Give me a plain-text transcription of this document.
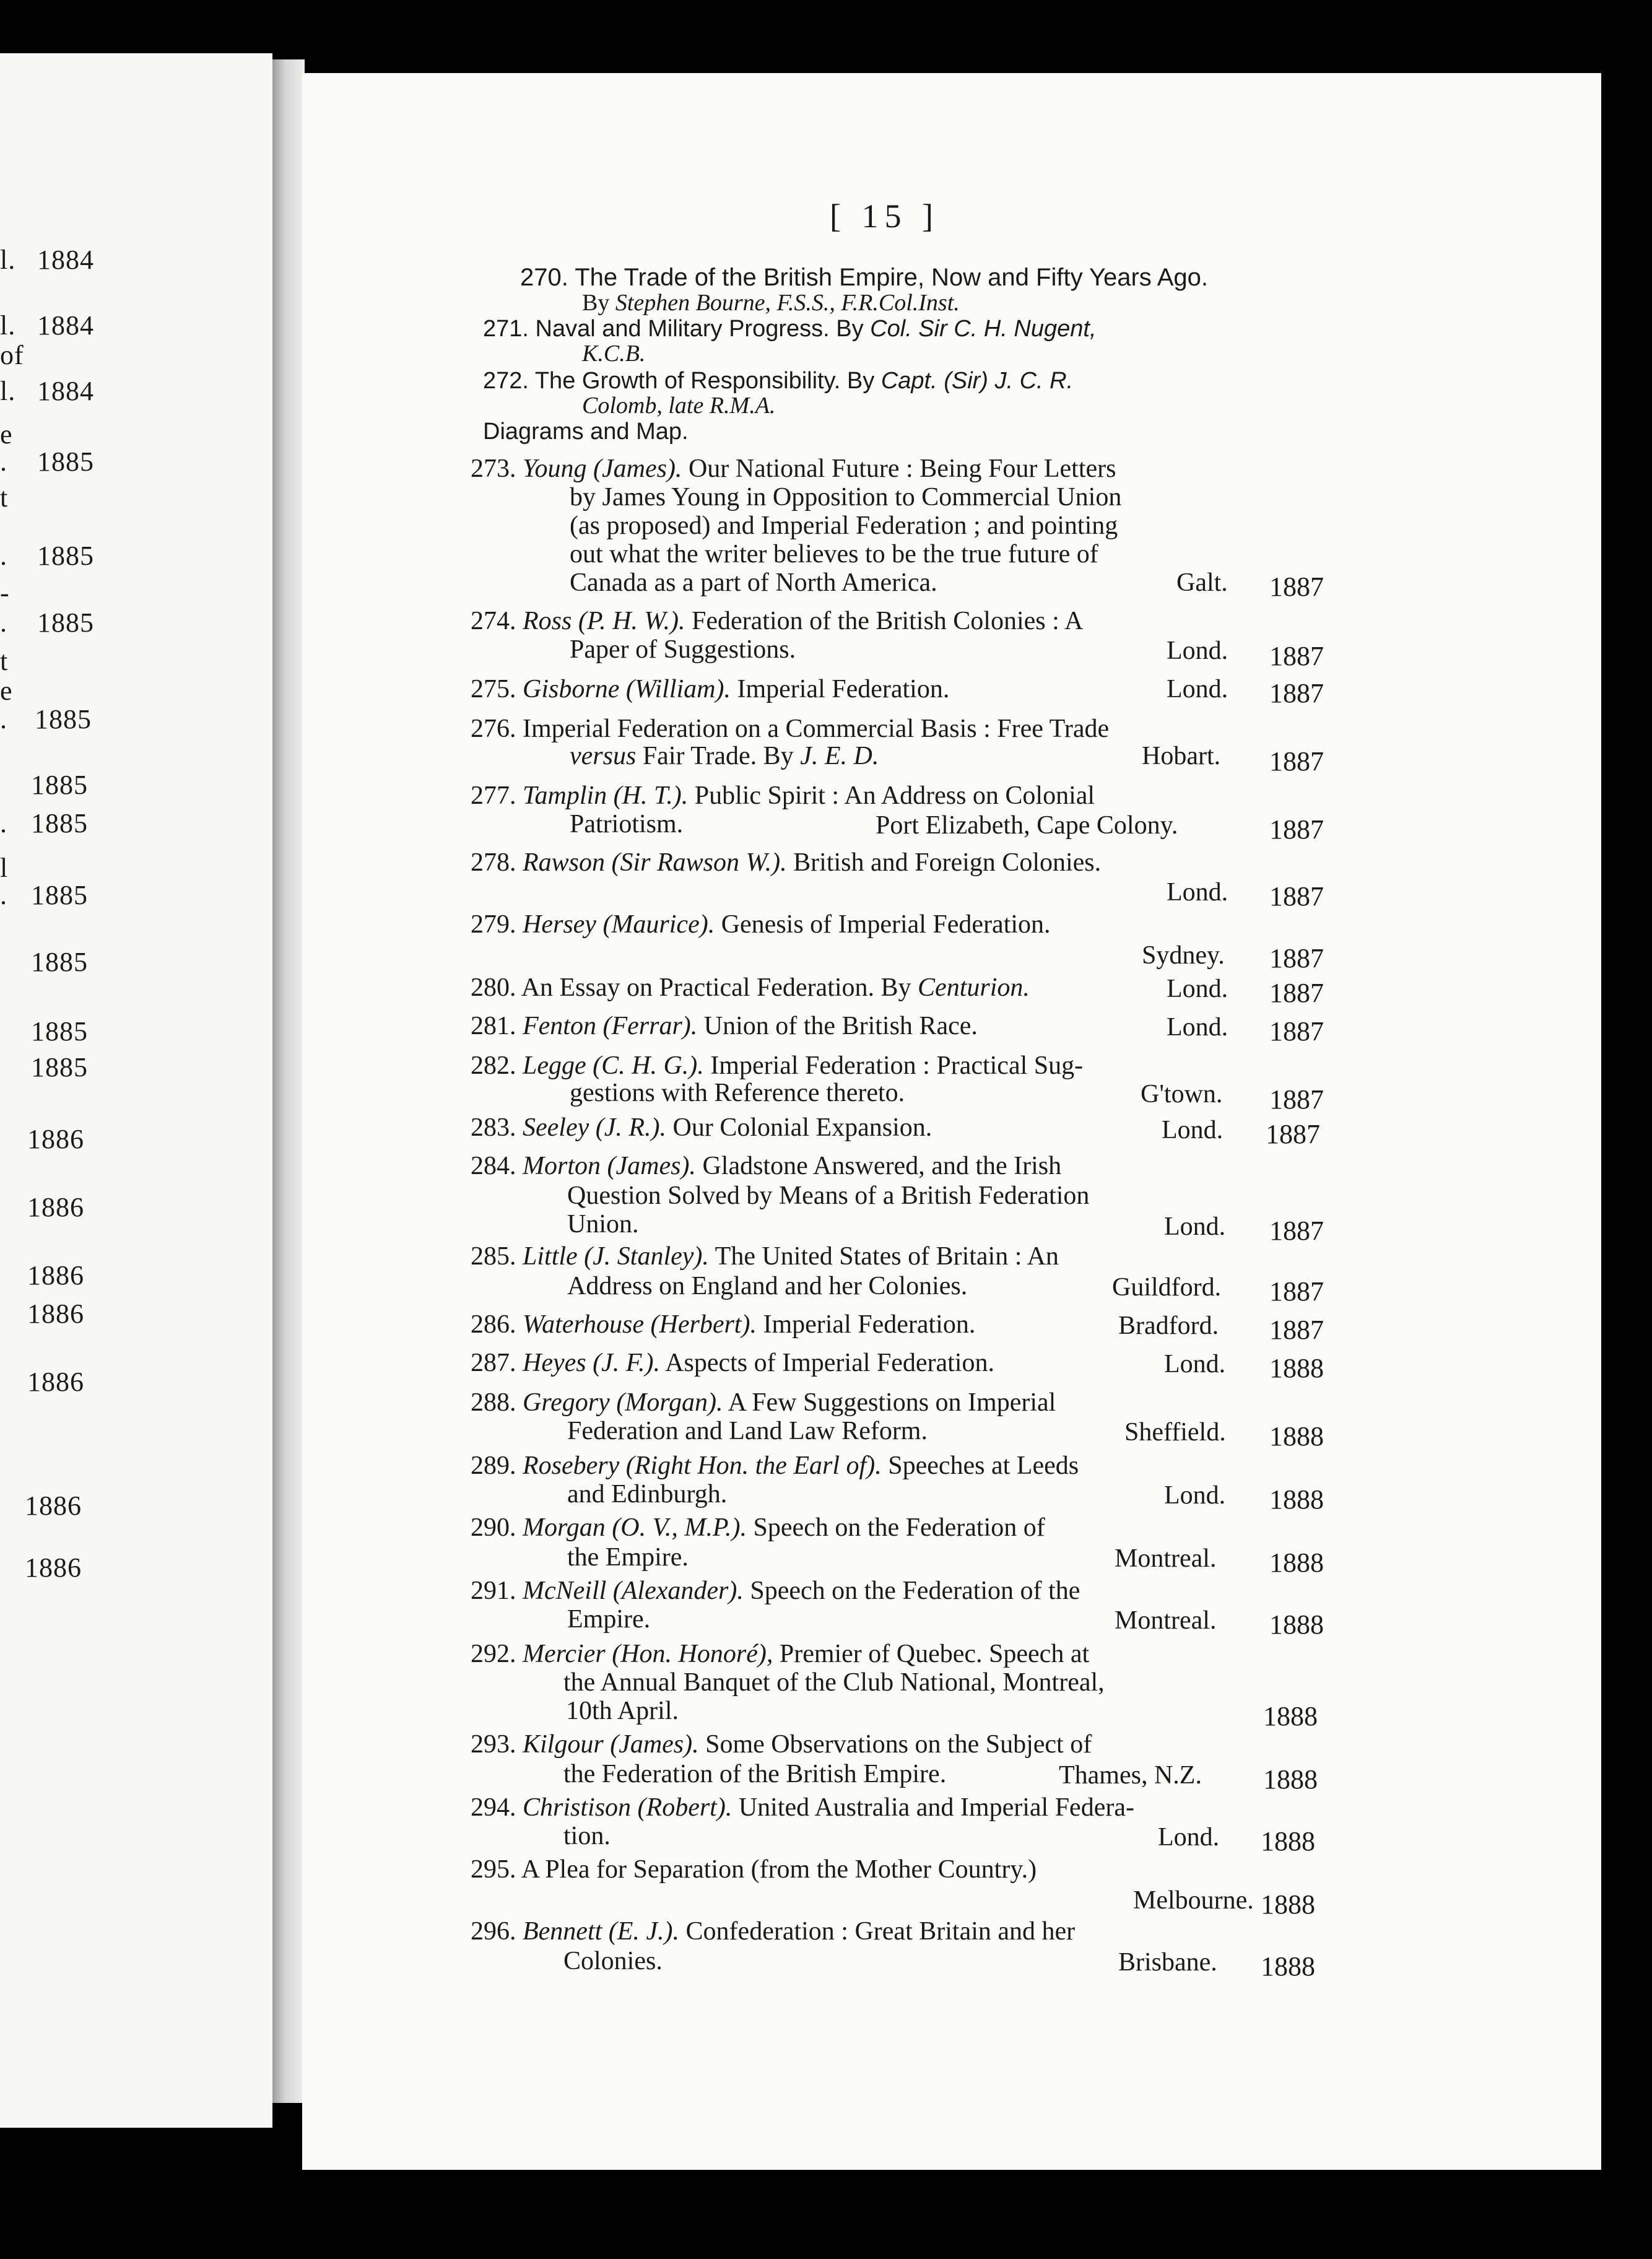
l. 1884
l. 1884
of
l. 1884
e
. 1885
t
. 1885
-
. 1885
t
e
. 1885
1885
. 1885
l
. 1885
1885
1885
1885
1886
1886
1886
1886
1886
1886
1886
[ 15 ]
270. The Trade of the British Empire, Now and Fifty Years Ago.
By Stephen Bourne, F.S.S., F.R.Col.Inst.
271. Naval and Military Progress. By Col. Sir C. H. Nugent,
K.C.B.
272. The Growth of Responsibility. By Capt. (Sir) J. C. R.
Colomb, late R.M.A.
Diagrams and Map.
273. Young (James). Our National Future : Being Four Letters
by James Young in Opposition to Commercial Union
(as proposed) and Imperial Federation ; and pointing
out what the writer believes to be the true future of
Canada as a part of North America.	Galt. 1887
274. Ross (P. H. W.). Federation of the British Colonies : A
Paper of Suggestions.	Lond. 1887
275. Gisborne (William). Imperial Federation.	Lond. 1887
276. Imperial Federation on a Commercial Basis : Free Trade
versus Fair Trade. By J. E. D.	Hobart. 1887
277. Tamplin (H. T.). Public Spirit : An Address on Colonial
Patriotism.	Port Elizabeth, Cape Colony.	1887
278. Rawson (Sir Rawson W.). British and Foreign Colonies.
Lond. 1887
279. Hersey (Maurice). Genesis of Imperial Federation.
Sydney. 1887
280. An Essay on Practical Federation. By Centurion.	Lond. 1887
281. Fenton (Ferrar). Union of the British Race.	Lond. 1887
282. Legge (C. H. G.). Imperial Federation : Practical Sug-
gestions with Reference thereto.	G'town. 1887
283. Seeley (J. R.). Our Colonial Expansion.	Lond. 1887
284. Morton (James). Gladstone Answered, and the Irish
Question Solved by Means of a British Federation
Union.	Lond. 1887
285. Little (J. Stanley). The United States of Britain : An
Address on England and her Colonies.	Guildford. 1887
286. Waterhouse (Herbert). Imperial Federation.	Bradford. 1887
287. Heyes (J. F.). Aspects of Imperial Federation.	Lond. 1888
288. Gregory (Morgan). A Few Suggestions on Imperial
Federation and Land Law Reform.	Sheffield. 1888
289. Rosebery (Right Hon. the Earl of). Speeches at Leeds
and Edinburgh.	Lond. 1888
290. Morgan (O. V., M.P.). Speech on the Federation of
the Empire.	Montreal. 1888
291. McNeill (Alexander). Speech on the Federation of the
Empire.	Montreal. 1888
292. Mercier (Hon. Honoré), Premier of Quebec. Speech at
the Annual Banquet of the Club National, Montreal,
10th April.	1888
293. Kilgour (James). Some Observations on the Subject of
the Federation of the British Empire.	Thames, N.Z. 1888
294. Christison (Robert). United Australia and Imperial Federa-
tion.	Lond. 1888
295. A Plea for Separation (from the Mother Country.)
Melbourne. 1888
296. Bennett (E. J.). Confederation : Great Britain and her
Colonies.	Brisbane. 1888
